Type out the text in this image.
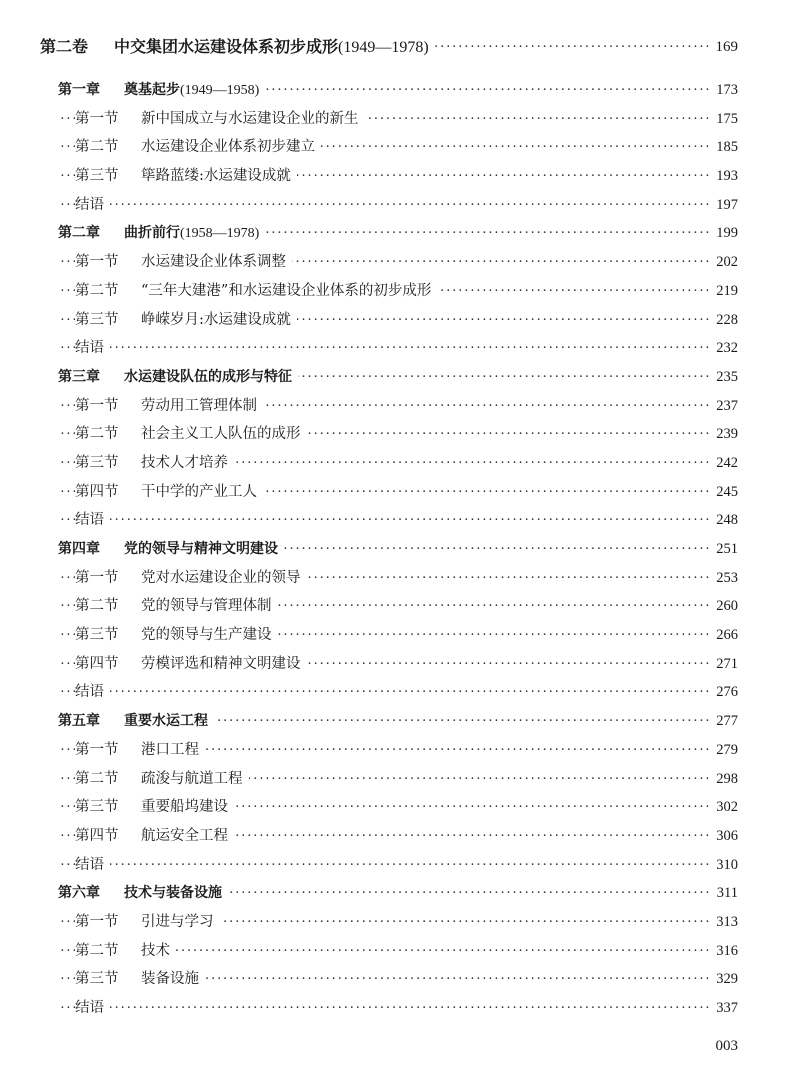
·····
第二卷 中交集团水运建设体系初步成形(1949—1978)	169
·····
第一章 奠基起步(1949—1958)	173
·····
第一节 新中国成立与水运建设企业的新生	175
·····
第二节 水运建设企业体系初步建立	185
·····
第三节 筚路蓝缕:水运建设成就	193
·····
结语	197
·····
第二章 曲折前行(1958—1978)	199
·····
第一节 水运建设企业体系调整	202
·····
第二节 “三年大建港”和水运建设企业体系的初步成形	219
·····
第三节 峥嵘岁月:水运建设成就	228
·····
结语	232
·····
第三章 水运建设队伍的成形与特征	235
·····
第一节 劳动用工管理体制	237
·····
第二节 社会主义工人队伍的成形	239
·····
第三节 技术人才培养	242
·····
第四节 干中学的产业工人	245
·····
结语	248
·····
第四章 党的领导与精神文明建设	251
·····
第一节 党对水运建设企业的领导	253
·····
第二节 党的领导与管理体制	260
·····
第三节 党的领导与生产建设	266
·····
第四节 劳模评选和精神文明建设	271
·····
结语	276
·····
第五章 重要水运工程	277
·····
第一节 港口工程	279
·····
第二节 疏浚与航道工程	298
·····
第三节 重要船坞建设	302
·····
第四节 航运安全工程	306
·····
结语	310
·····
第六章 技术与装备设施	311
·····
第一节 引进与学习	313
·····
第二节 技术	316
·····
第三节 装备设施	329
·····
结语	337
003
